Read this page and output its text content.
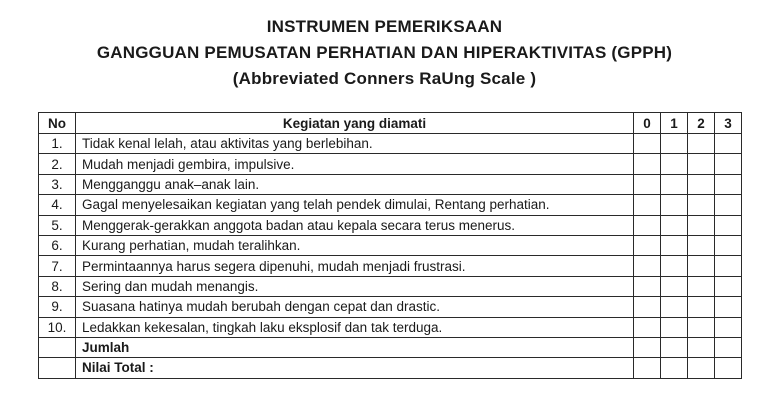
INSTRUMEN PEMERIKSAAN
GANGGUAN PEMUSATAN PERHATIAN DAN HIPERAKTIVITAS (GPPH)
(Abbreviated Conners RaUng Scale )
No	Kegiatan yang diamati	0	1	2	3
1.	Tidak kenal lelah, atau aktivitas yang berlebihan.				
2.	Mudah menjadi gembira, impulsive.				
3.	Mengganggu anak–anak lain.				
4.	Gagal menyelesaikan kegiatan yang telah pendek dimulai, Rentang perhatian.				
5.	Menggerak-gerakkan anggota badan atau kepala secara terus menerus.				
6.	Kurang perhatian, mudah teralihkan.				
7.	Permintaannya harus segera dipenuhi, mudah menjadi frustrasi.				
8.	Sering dan mudah menangis.				
9.	Suasana hatinya mudah berubah dengan cepat dan drastic.				
10.	Ledakkan kekesalan, tingkah laku eksplosif dan tak terduga.				
	Jumlah				
	Nilai Total :				
